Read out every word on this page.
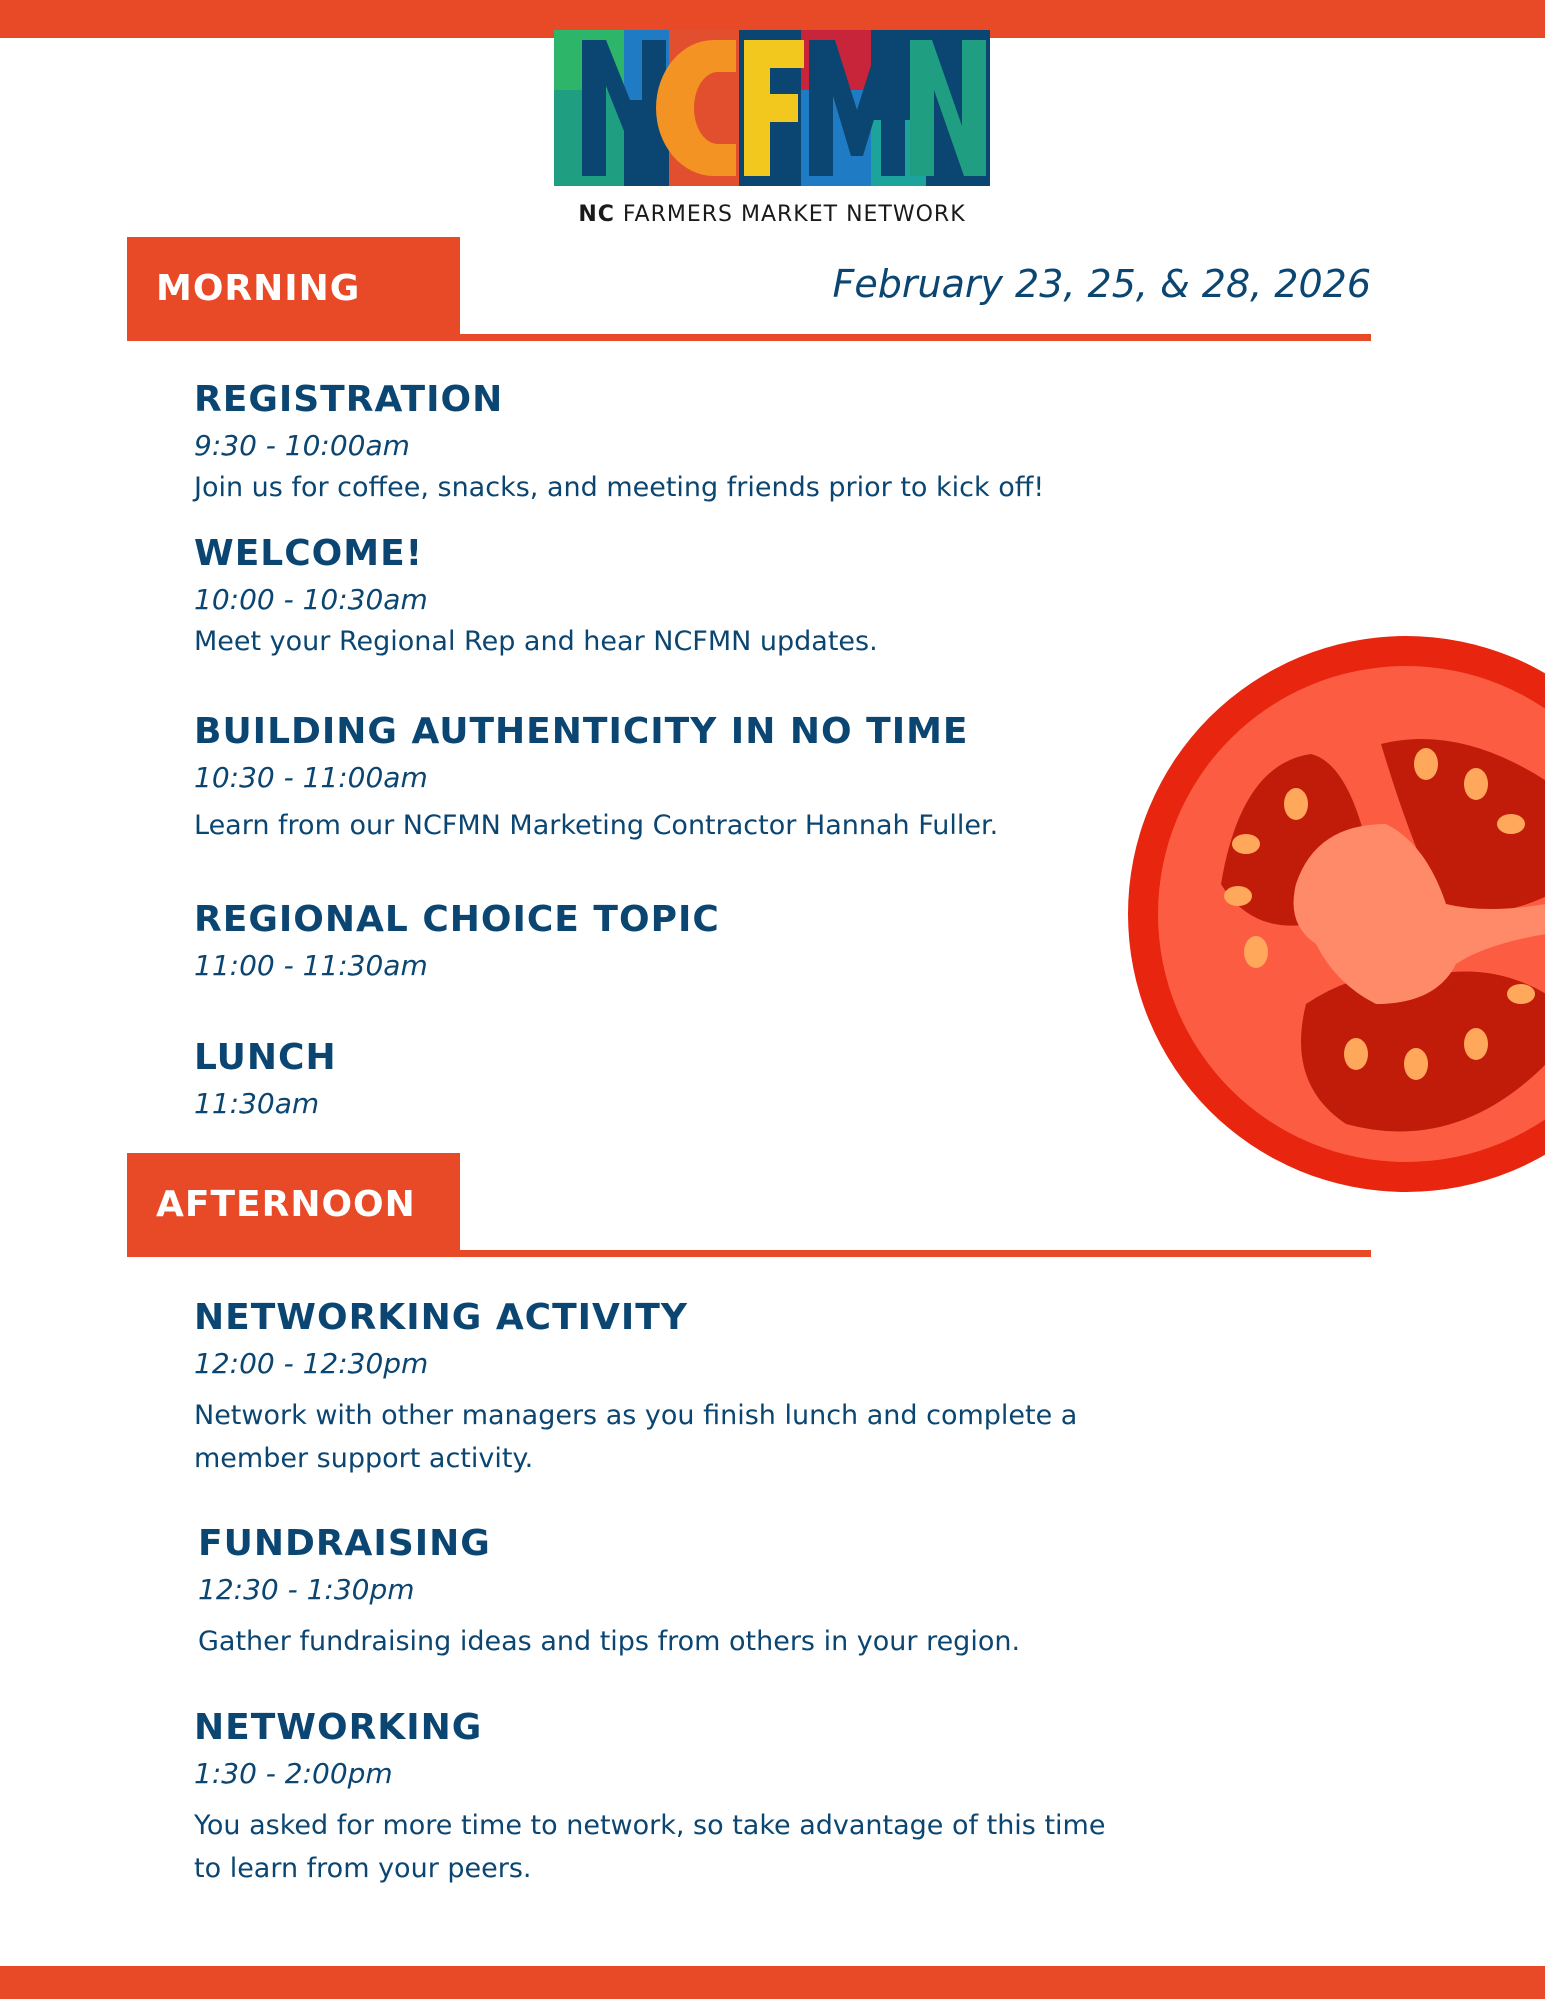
NC FARMERS MARKET NETWORK
MORNING	February 23, 25, & 28, 2026
REGISTRATION
9:30 - 10:00am
Join us for coffee, snacks, and meeting friends prior to kick off!
WELCOME!
10:00 - 10:30am
Meet your Regional Rep and hear NCFMN updates.
BUILDING AUTHENTICITY IN NO TIME
10:30 - 11:00am
Learn from our NCFMN Marketing Contractor Hannah Fuller.
REGIONAL CHOICE TOPIC
11:00 - 11:30am
LUNCH
11:30am
AFTERNOON
NETWORKING ACTIVITY
12:00 - 12:30pm
Network with other managers as you finish lunch and complete a
member support activity.
FUNDRAISING
12:30 - 1:30pm
Gather fundraising ideas and tips from others in your region.
NETWORKING
1:30 - 2:00pm
You asked for more time to network, so take advantage of this time
to learn from your peers.
